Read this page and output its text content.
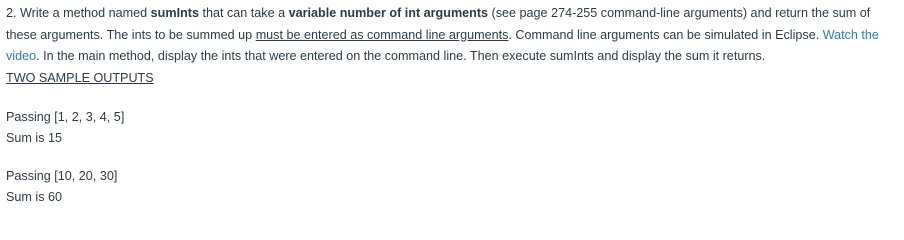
2. Write a method named sumInts that can take a variable number of int arguments (see page 274-255 command-line arguments) and return the sum of these arguments. The ints to be summed up must be entered as command line arguments. Command line arguments can be simulated in Eclipse. Watch the video. In the main method, display the ints that were entered on the command line. Then execute sumInts and display the sum it returns.

TWO SAMPLE OUTPUTS

Passing [1, 2, 3, 4, 5]

Sum is 15

Passing [10, 20, 30]

Sum is 60
